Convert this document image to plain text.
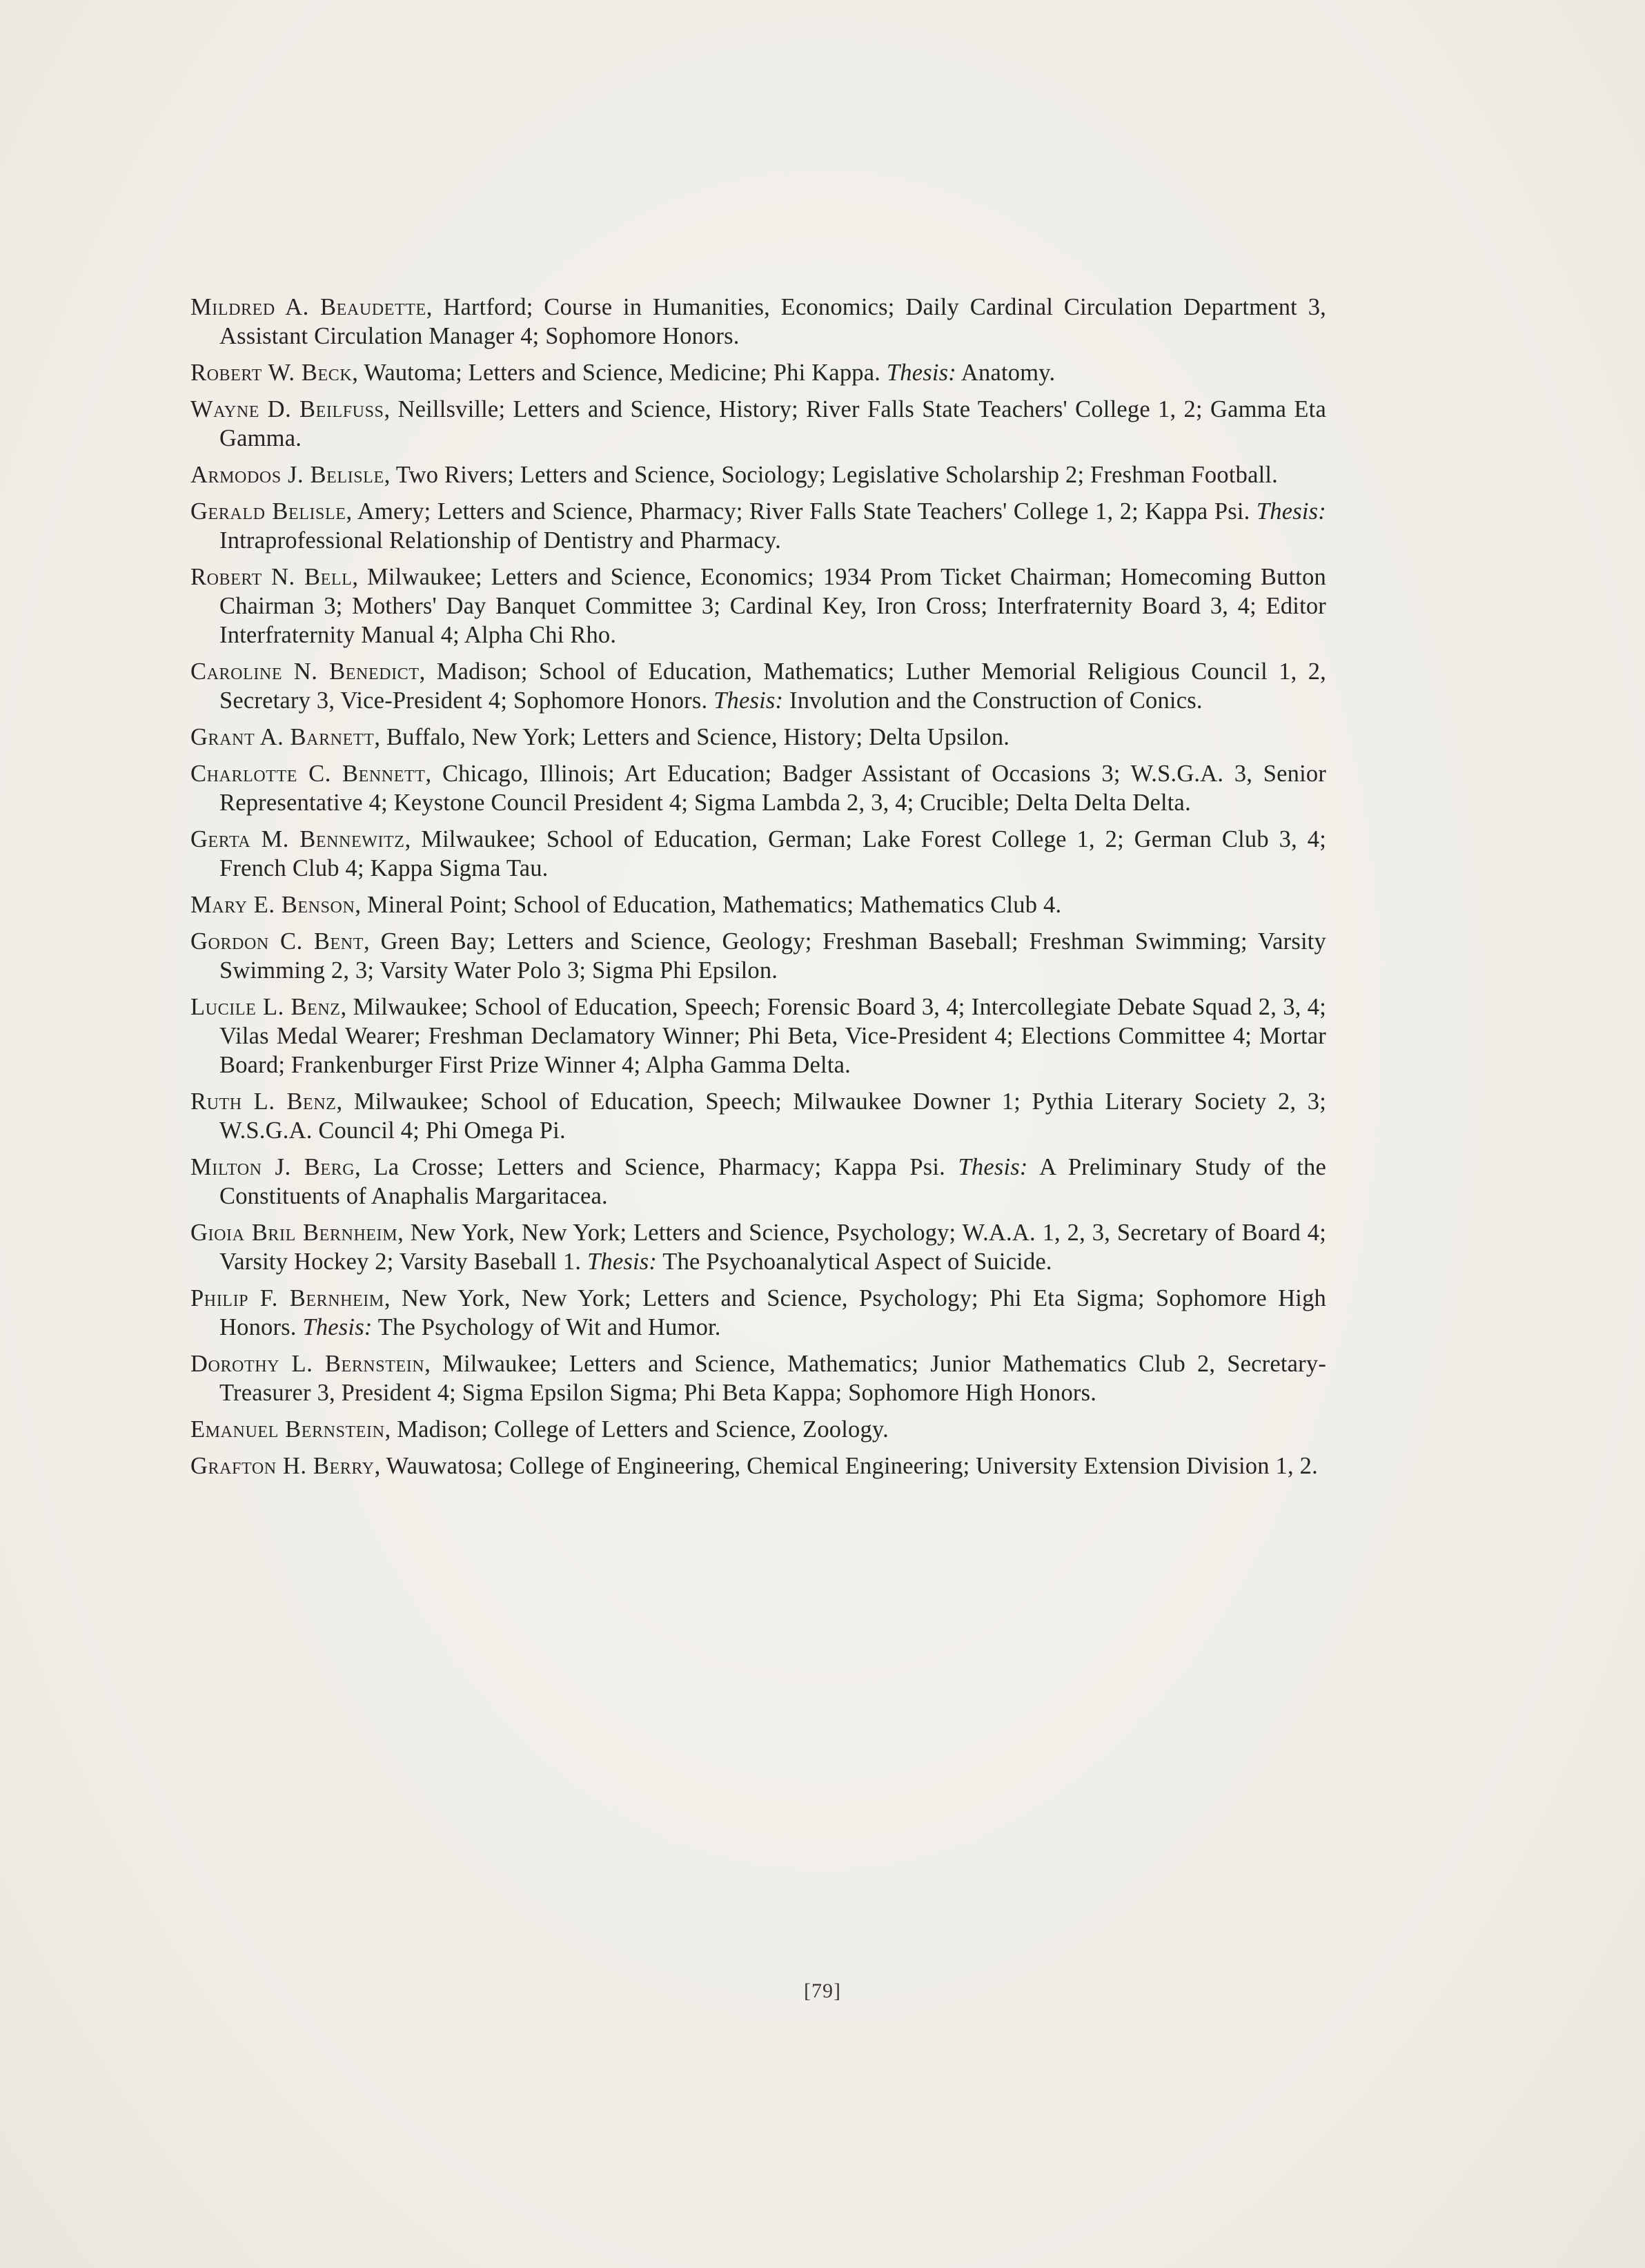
Mildred A. Beaudette, Hartford; Course in Humanities, Economics; Daily Cardinal Circulation Department 3, Assistant Circulation Manager 4; Sophomore Honors.

Robert W. Beck, Wautoma; Letters and Science, Medicine; Phi Kappa. Thesis: Anatomy.

Wayne D. Beilfuss, Neillsville; Letters and Science, History; River Falls State Teachers' College 1, 2; Gamma Eta Gamma.

Armodos J. Belisle, Two Rivers; Letters and Science, Sociology; Legislative Scholarship 2; Freshman Football.

Gerald Belisle, Amery; Letters and Science, Pharmacy; River Falls State Teachers' College 1, 2; Kappa Psi. Thesis: Intraprofessional Relationship of Dentistry and Pharmacy.

Robert N. Bell, Milwaukee; Letters and Science, Economics; 1934 Prom Ticket Chairman; Homecoming Button Chairman 3; Mothers' Day Banquet Committee 3; Cardinal Key, Iron Cross; Interfraternity Board 3, 4; Editor Interfraternity Manual 4; Alpha Chi Rho.

Caroline N. Benedict, Madison; School of Education, Mathematics; Luther Memorial Religious Council 1, 2, Secretary 3, Vice-President 4; Sophomore Honors. Thesis: Involution and the Construction of Conics.

Grant A. Barnett, Buffalo, New York; Letters and Science, History; Delta Upsilon.

Charlotte C. Bennett, Chicago, Illinois; Art Education; Badger Assistant of Occasions 3; W.S.G.A. 3, Senior Representative 4; Keystone Council President 4; Sigma Lambda 2, 3, 4; Crucible; Delta Delta Delta.

Gerta M. Bennewitz, Milwaukee; School of Education, German; Lake Forest College 1, 2; German Club 3, 4; French Club 4; Kappa Sigma Tau.

Mary E. Benson, Mineral Point; School of Education, Mathematics; Mathematics Club 4.

Gordon C. Bent, Green Bay; Letters and Science, Geology; Freshman Baseball; Freshman Swimming; Varsity Swimming 2, 3; Varsity Water Polo 3; Sigma Phi Epsilon.

Lucile L. Benz, Milwaukee; School of Education, Speech; Forensic Board 3, 4; Intercollegiate Debate Squad 2, 3, 4; Vilas Medal Wearer; Freshman Declamatory Winner; Phi Beta, Vice-President 4; Elections Committee 4; Mortar Board; Frankenburger First Prize Winner 4; Alpha Gamma Delta.

Ruth L. Benz, Milwaukee; School of Education, Speech; Milwaukee Downer 1; Pythia Literary Society 2, 3; W.S.G.A. Council 4; Phi Omega Pi.

Milton J. Berg, La Crosse; Letters and Science, Pharmacy; Kappa Psi. Thesis: A Preliminary Study of the Constituents of Anaphalis Margaritacea.

Gioia Bril Bernheim, New York, New York; Letters and Science, Psychology; W.A.A. 1, 2, 3, Secretary of Board 4; Varsity Hockey 2; Varsity Baseball 1. Thesis: The Psychoanalytical Aspect of Suicide.

Philip F. Bernheim, New York, New York; Letters and Science, Psychology; Phi Eta Sigma; Sophomore High Honors. Thesis: The Psychology of Wit and Humor.

Dorothy L. Bernstein, Milwaukee; Letters and Science, Mathematics; Junior Mathematics Club 2, Secretary-Treasurer 3, President 4; Sigma Epsilon Sigma; Phi Beta Kappa; Sophomore High Honors.

Emanuel Bernstein, Madison; College of Letters and Science, Zoology.

Grafton H. Berry, Wauwatosa; College of Engineering, Chemical Engineering; University Extension Division 1, 2.

[79]
